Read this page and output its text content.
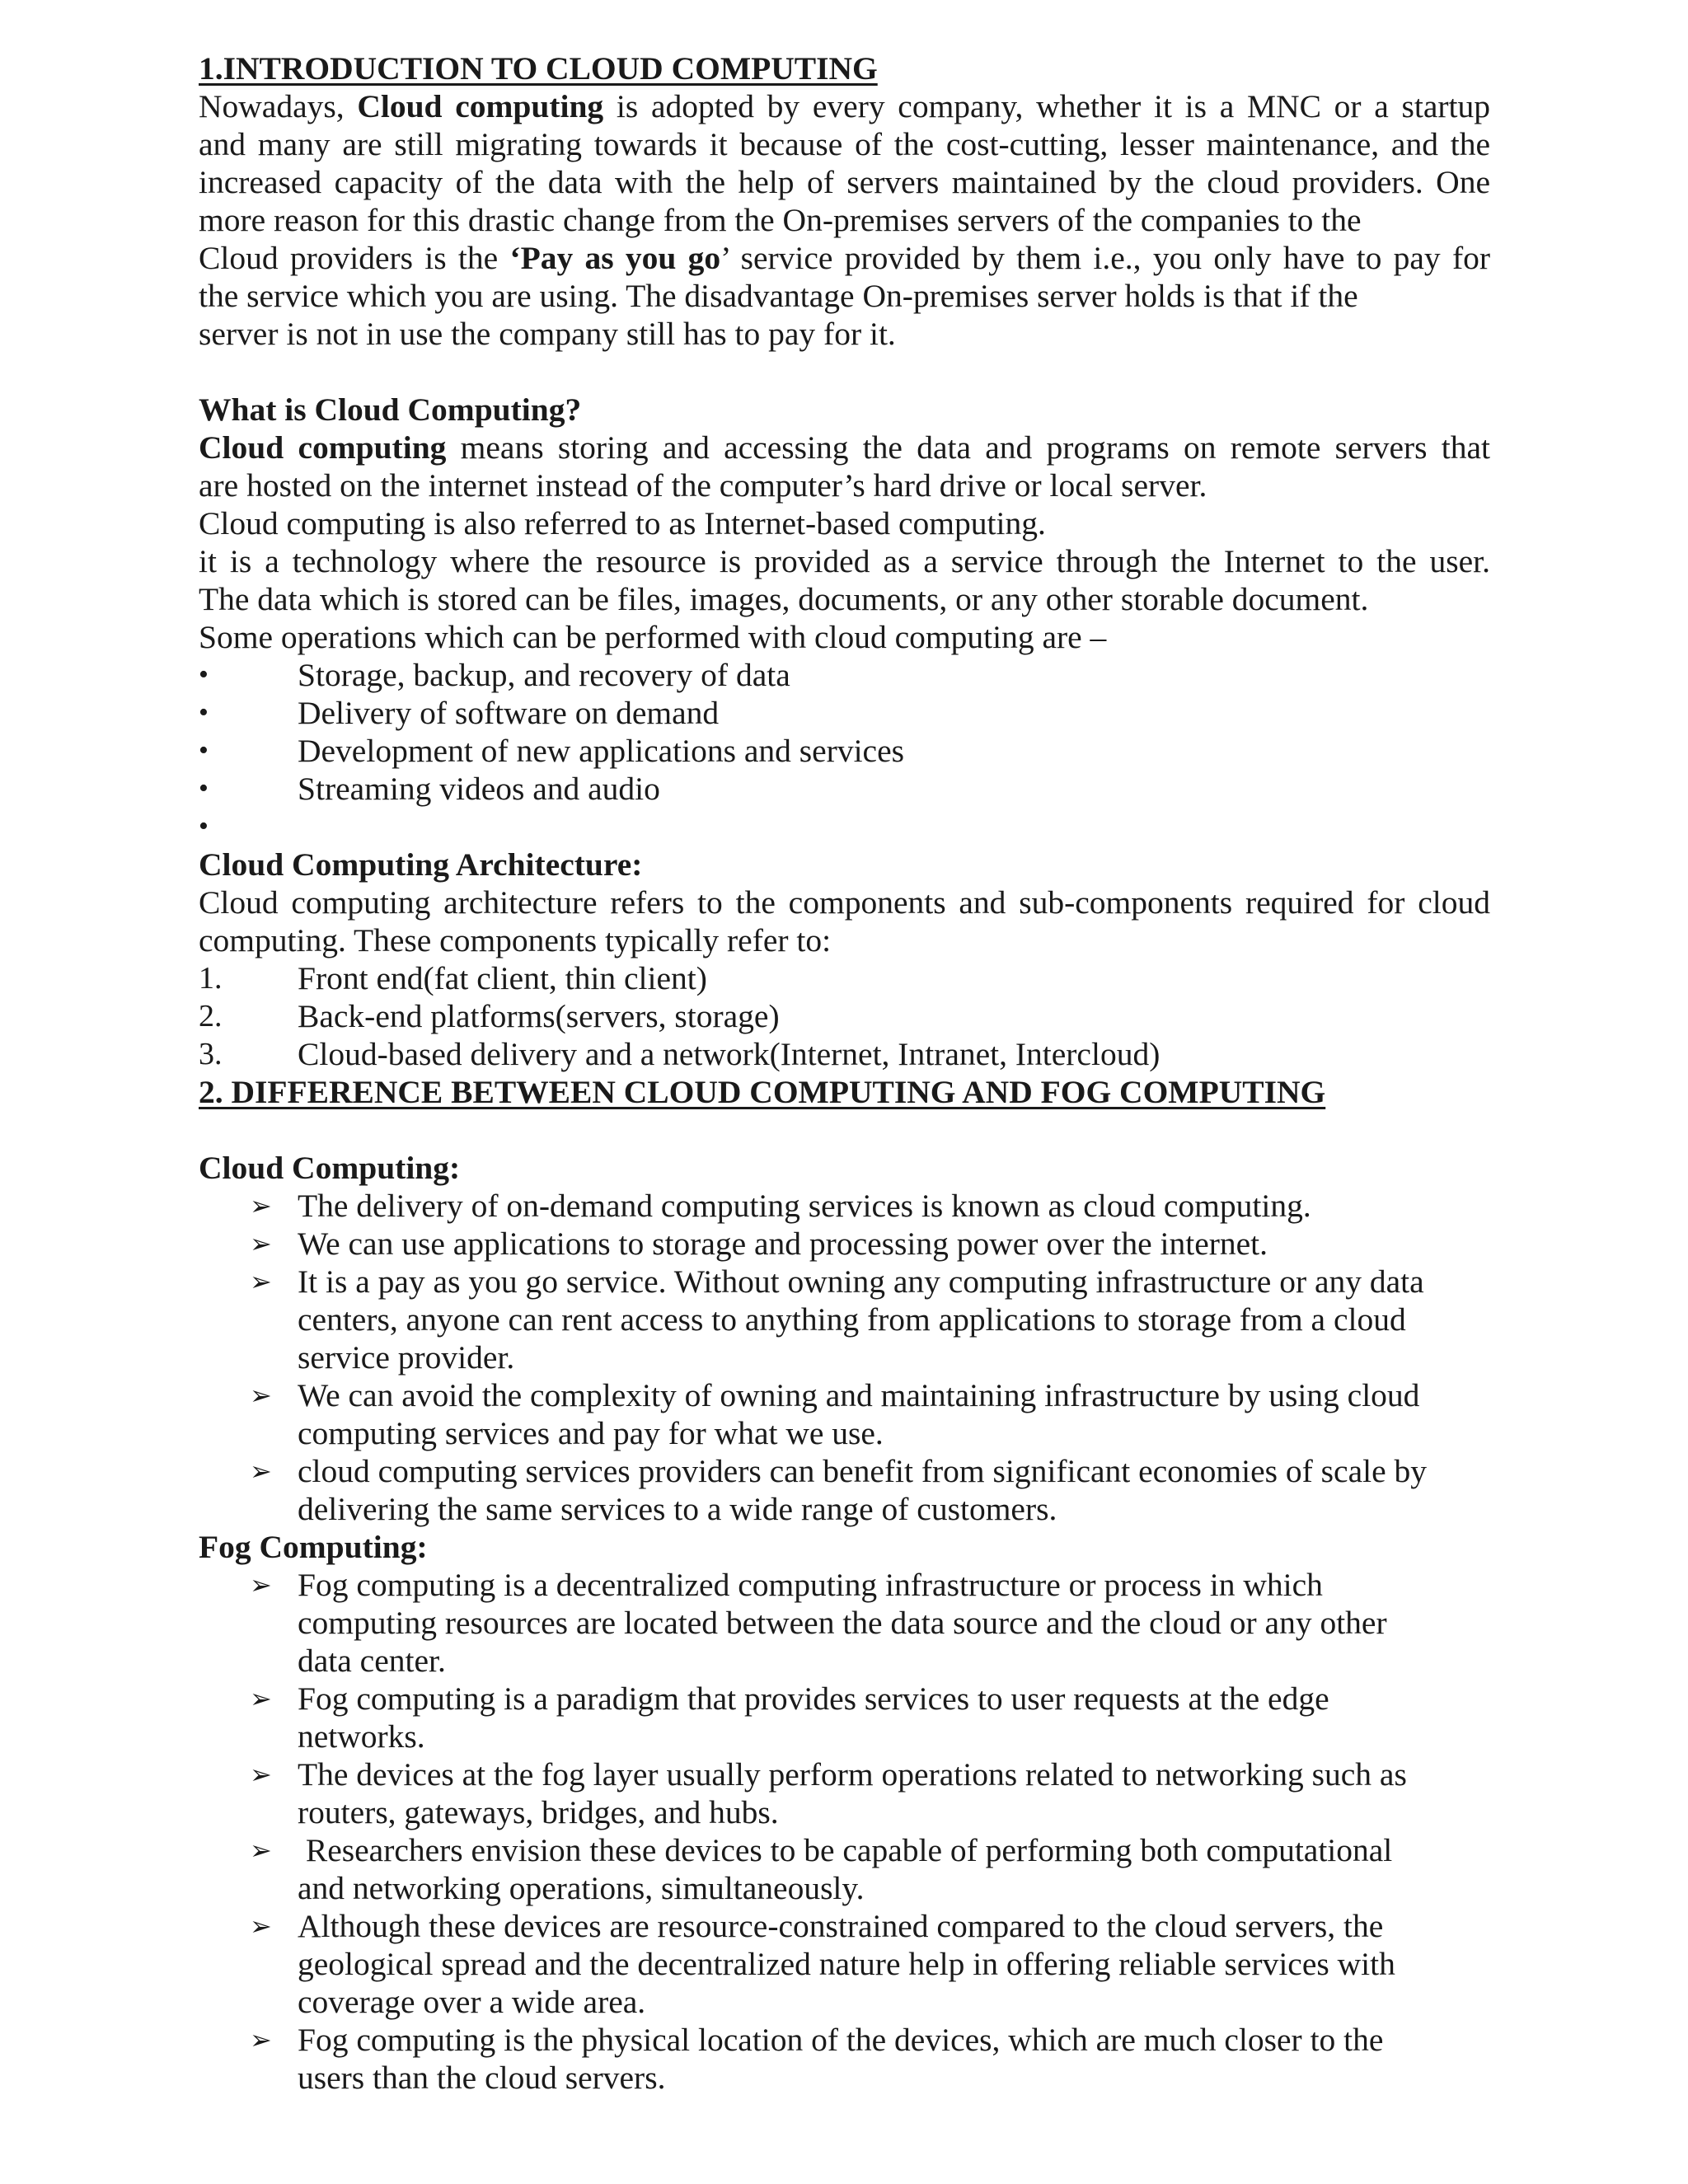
1.INTRODUCTION TO CLOUD COMPUTING

Nowadays, Cloud computing is adopted by every company, whether it is a MNC or a startup

and many are still migrating towards it because of the cost-cutting, lesser maintenance, and the

increased capacity of the data with the help of servers maintained by the cloud providers. One

more reason for this drastic change from the On-premises servers of the companies to the

Cloud providers is the ‘Pay as you go’ service provided by them i.e., you only have to pay for

the service which you are using. The disadvantage On-premises server holds is that if the

server is not in use the company still has to pay for it.

What is Cloud Computing?

Cloud computing means storing and accessing the data and programs on remote servers that

are hosted on the internet instead of the computer’s hard drive or local server.

Cloud computing is also referred to as Internet-based computing.

it is a technology where the resource is provided as a service through the Internet to the user.

The data which is stored can be files, images, documents, or any other storable document.

Some operations which can be performed with cloud computing are –

•	Storage, backup, and recovery of data

•	Delivery of software on demand

•	Development of new applications and services

•	Streaming videos and audio

•

Cloud Computing Architecture:

Cloud computing architecture refers to the components and sub-components required for cloud

computing. These components typically refer to:

1. Front end(fat client, thin client)

2. Back-end platforms(servers, storage)

3. Cloud-based delivery and a network(Internet, Intranet, Intercloud)

2. DIFFERENCE BETWEEN CLOUD COMPUTING AND FOG COMPUTING

Cloud Computing:

➢ The delivery of on-demand computing services is known as cloud computing.

➢ We can use applications to storage and processing power over the internet.

➢ It is a pay as you go service. Without owning any computing infrastructure or any data

centers, anyone can rent access to anything from applications to storage from a cloud

service provider.

➢ We can avoid the complexity of owning and maintaining infrastructure by using cloud

computing services and pay for what we use.

➢ cloud computing services providers can benefit from significant economies of scale by

delivering the same services to a wide range of customers.

Fog Computing:

➢ Fog computing is a decentralized computing infrastructure or process in which

computing resources are located between the data source and the cloud or any other

data center.

➢ Fog computing is a paradigm that provides services to user requests at the edge

networks.

➢ The devices at the fog layer usually perform operations related to networking such as

routers, gateways, bridges, and hubs.

➢ Researchers envision these devices to be capable of performing both computational

and networking operations, simultaneously.

➢ Although these devices are resource-constrained compared to the cloud servers, the

geological spread and the decentralized nature help in offering reliable services with

coverage over a wide area.

➢ Fog computing is the physical location of the devices, which are much closer to the

users than the cloud servers.
